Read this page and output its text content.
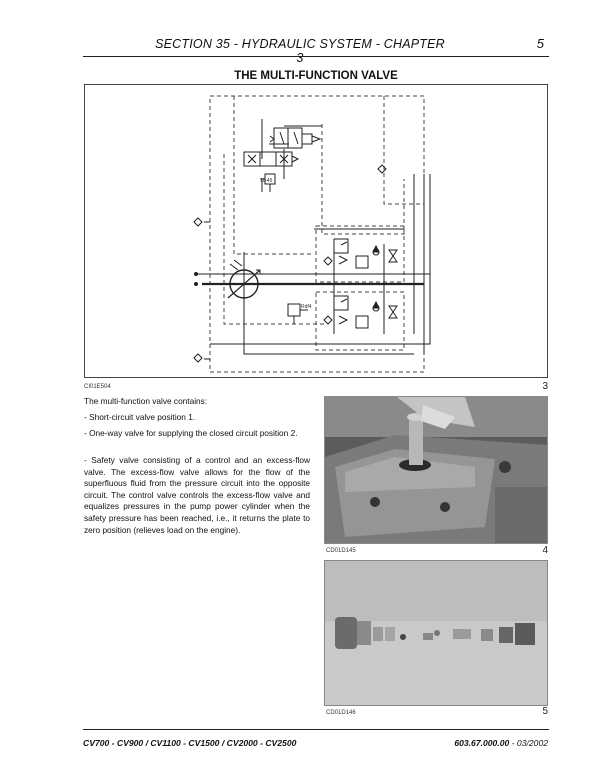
SECTION 35 - HYDRAULIC SYSTEM - CHAPTER 3
5
THE MULTI-FUNCTION VALVE
11-45
Rdf4
CI01E504	3
The multi-function valve contains:
- Short-circuit valve position 1.
- One-way valve for supplying the closed circuit position 2.
- Safety valve consisting of a control and an excess-flow valve. The excess-flow valve allows for the flow of the superfluous fluid from the pressure circuit into the opposite circuit. The control valve controls the excess-flow valve and equalizes pressures in the pump power cylinder when the safety pressure has been reached, i.e., it returns the plate to zero position (relieves load on the engine).
CD01D145	4
CD01D146	5
CV700 - CV900 / CV1100 - CV1500 / CV2000 - CV2500	603.67.000.00 - 03/2002
